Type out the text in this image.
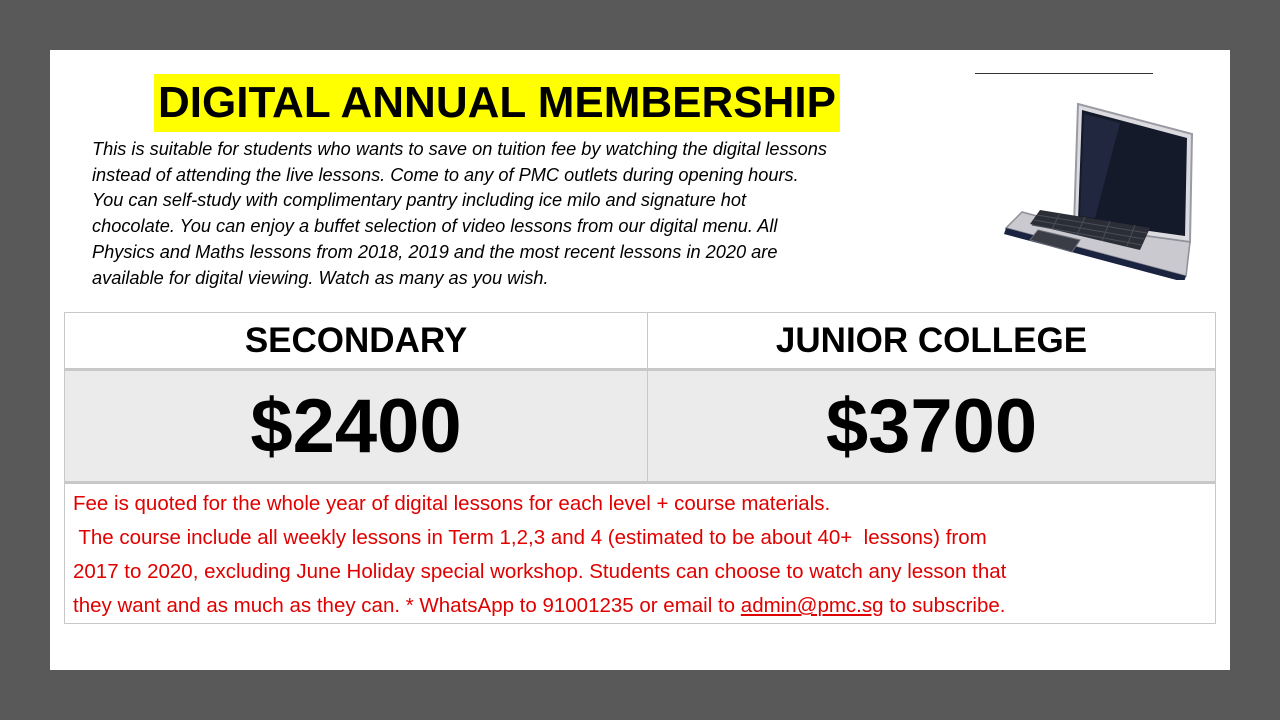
DIGITAL ANNUAL MEMBERSHIP
This is suitable for students who wants to save on tuition fee by watching the digital lessons
instead of attending the live lessons. Come to any of PMC outlets during opening hours.
You can self-study with complimentary pantry including ice milo and signature hot
chocolate. You can enjoy a buffet selection of video lessons from our digital menu. All
Physics and Maths lessons from 2018, 2019 and the most recent lessons in 2020 are
available for digital viewing. Watch as many as you wish.
SECONDARY	JUNIOR COLLEGE
$2400	$3700

Fee is quoted for the whole year of digital lessons for each level + course materials.
The course include all weekly lessons in Term 1,2,3 and 4 (estimated to be about 40+  lessons) from
2017 to 2020, excluding June Holiday special workshop. Students can choose to watch any lesson that
they want and as much as they can. * WhatsApp to 91001235 or email to admin@pmc.sg to subscribe.	
